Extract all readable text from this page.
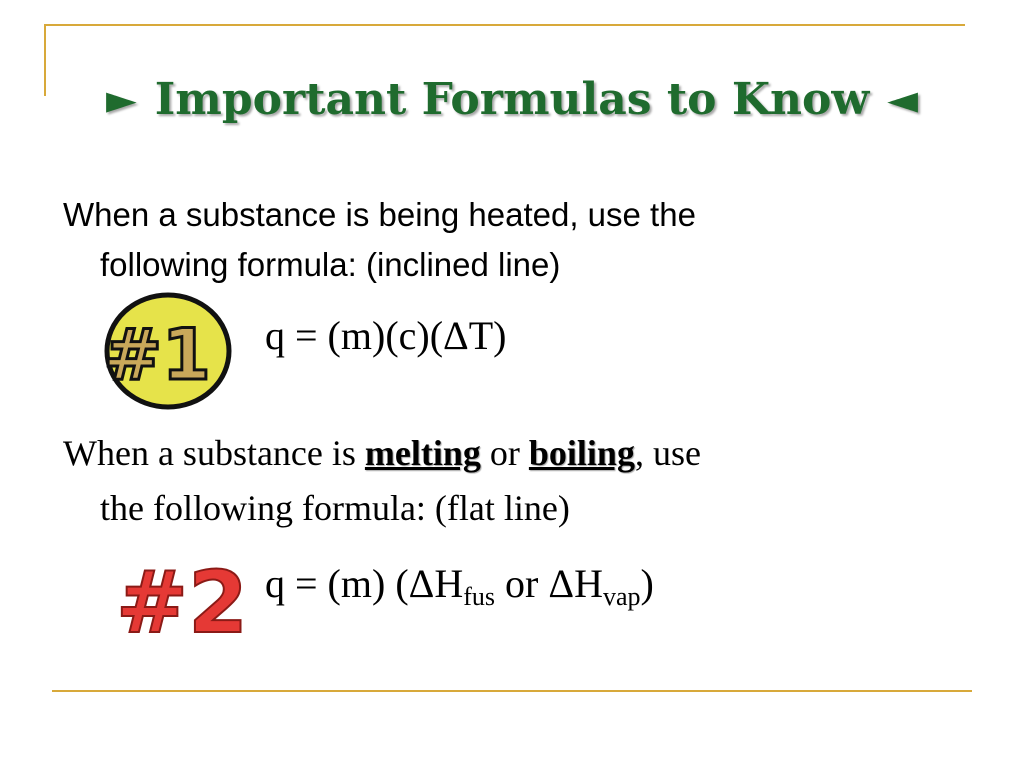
► Important Formulas to Know ◄
When a substance is being heated, use the
following formula: (inclined line)
#1 q = (m)(c)(ΔT)
When a substance is melting or boiling, use
the following formula: (flat line)
#2 q = (m) ($\Delta H_{fus}$ or $\Delta H_{vap}$)
